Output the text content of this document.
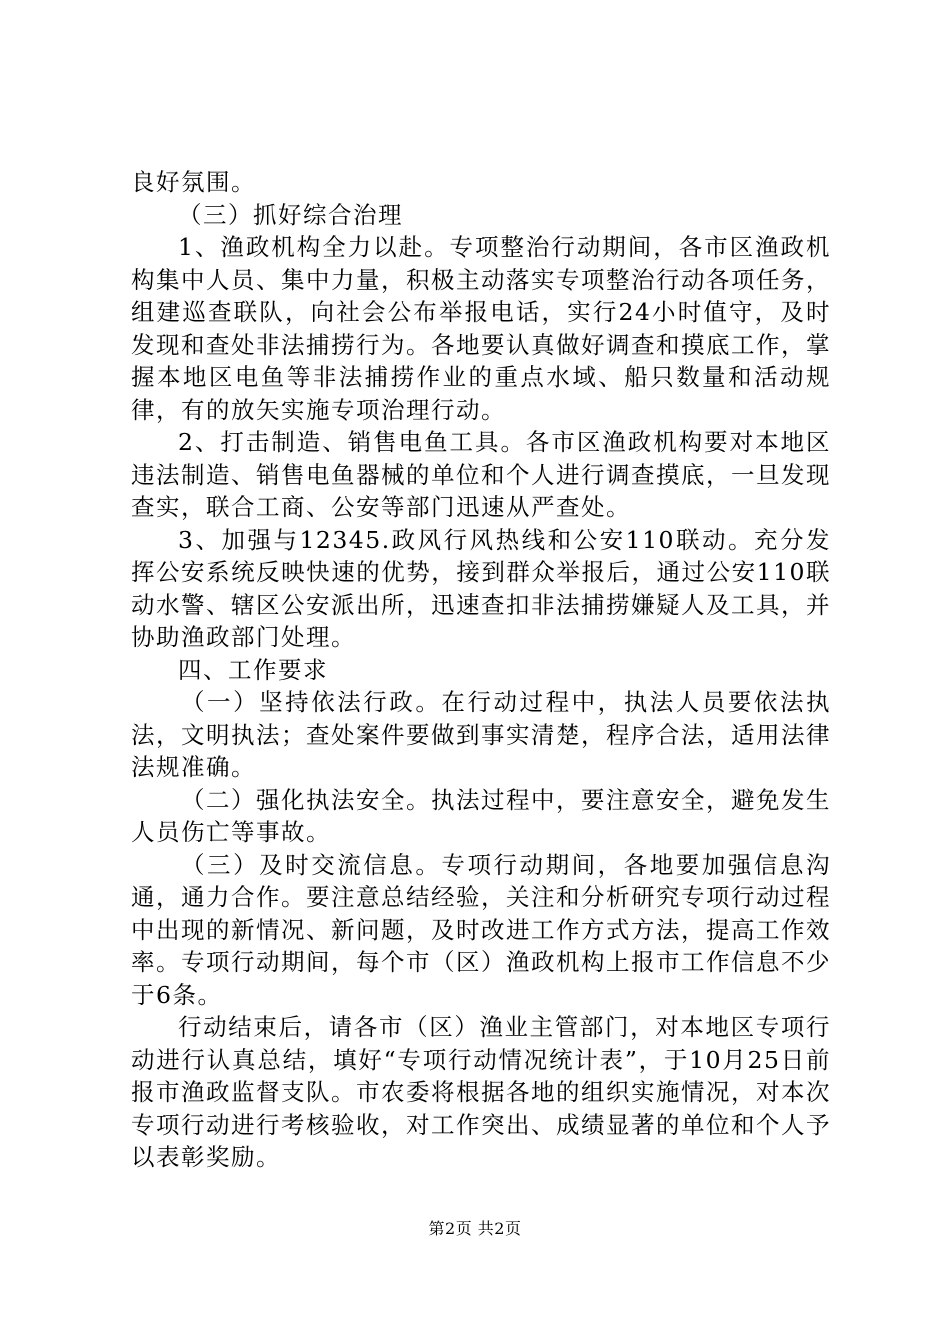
良好氛围。

（三）抓好综合治理

1、渔政机构全力以赴。专项整治行动期间，各市区渔政机构集中人员、集中力量，积极主动落实专项整治行动各项任务，组建巡查联队，向社会公布举报电话，实行24小时值守，及时发现和查处非法捕捞行为。各地要认真做好调查和摸底工作，掌握本地区电鱼等非法捕捞作业的重点水域、船只数量和活动规律，有的放矢实施专项治理行动。

2、打击制造、销售电鱼工具。各市区渔政机构要对本地区违法制造、销售电鱼器械的单位和个人进行调查摸底，一旦发现查实，联合工商、公安等部门迅速从严查处。

3、加强与12345.政风行风热线和公安110联动。充分发挥公安系统反映快速的优势，接到群众举报后，通过公安110联动水警、辖区公安派出所，迅速查扣非法捕捞嫌疑人及工具，并协助渔政部门处理。

四、工作要求

（一）坚持依法行政。在行动过程中，执法人员要依法执法，文明执法；查处案件要做到事实清楚，程序合法，适用法律法规准确。

（二）强化执法安全。执法过程中，要注意安全，避免发生人员伤亡等事故。

（三）及时交流信息。专项行动期间，各地要加强信息沟通，通力合作。要注意总结经验，关注和分析研究专项行动过程中出现的新情况、新问题，及时改进工作方式方法，提高工作效率。专项行动期间，每个市（区）渔政机构上报市工作信息不少于6条。

行动结束后，请各市（区）渔业主管部门，对本地区专项行动进行认真总结，填好“专项行动情况统计表”，于10月25日前报市渔政监督支队。市农委将根据各地的组织实施情况，对本次专项行动进行考核验收，对工作突出、成绩显著的单位和个人予以表彰奖励。

第2页 共2页
